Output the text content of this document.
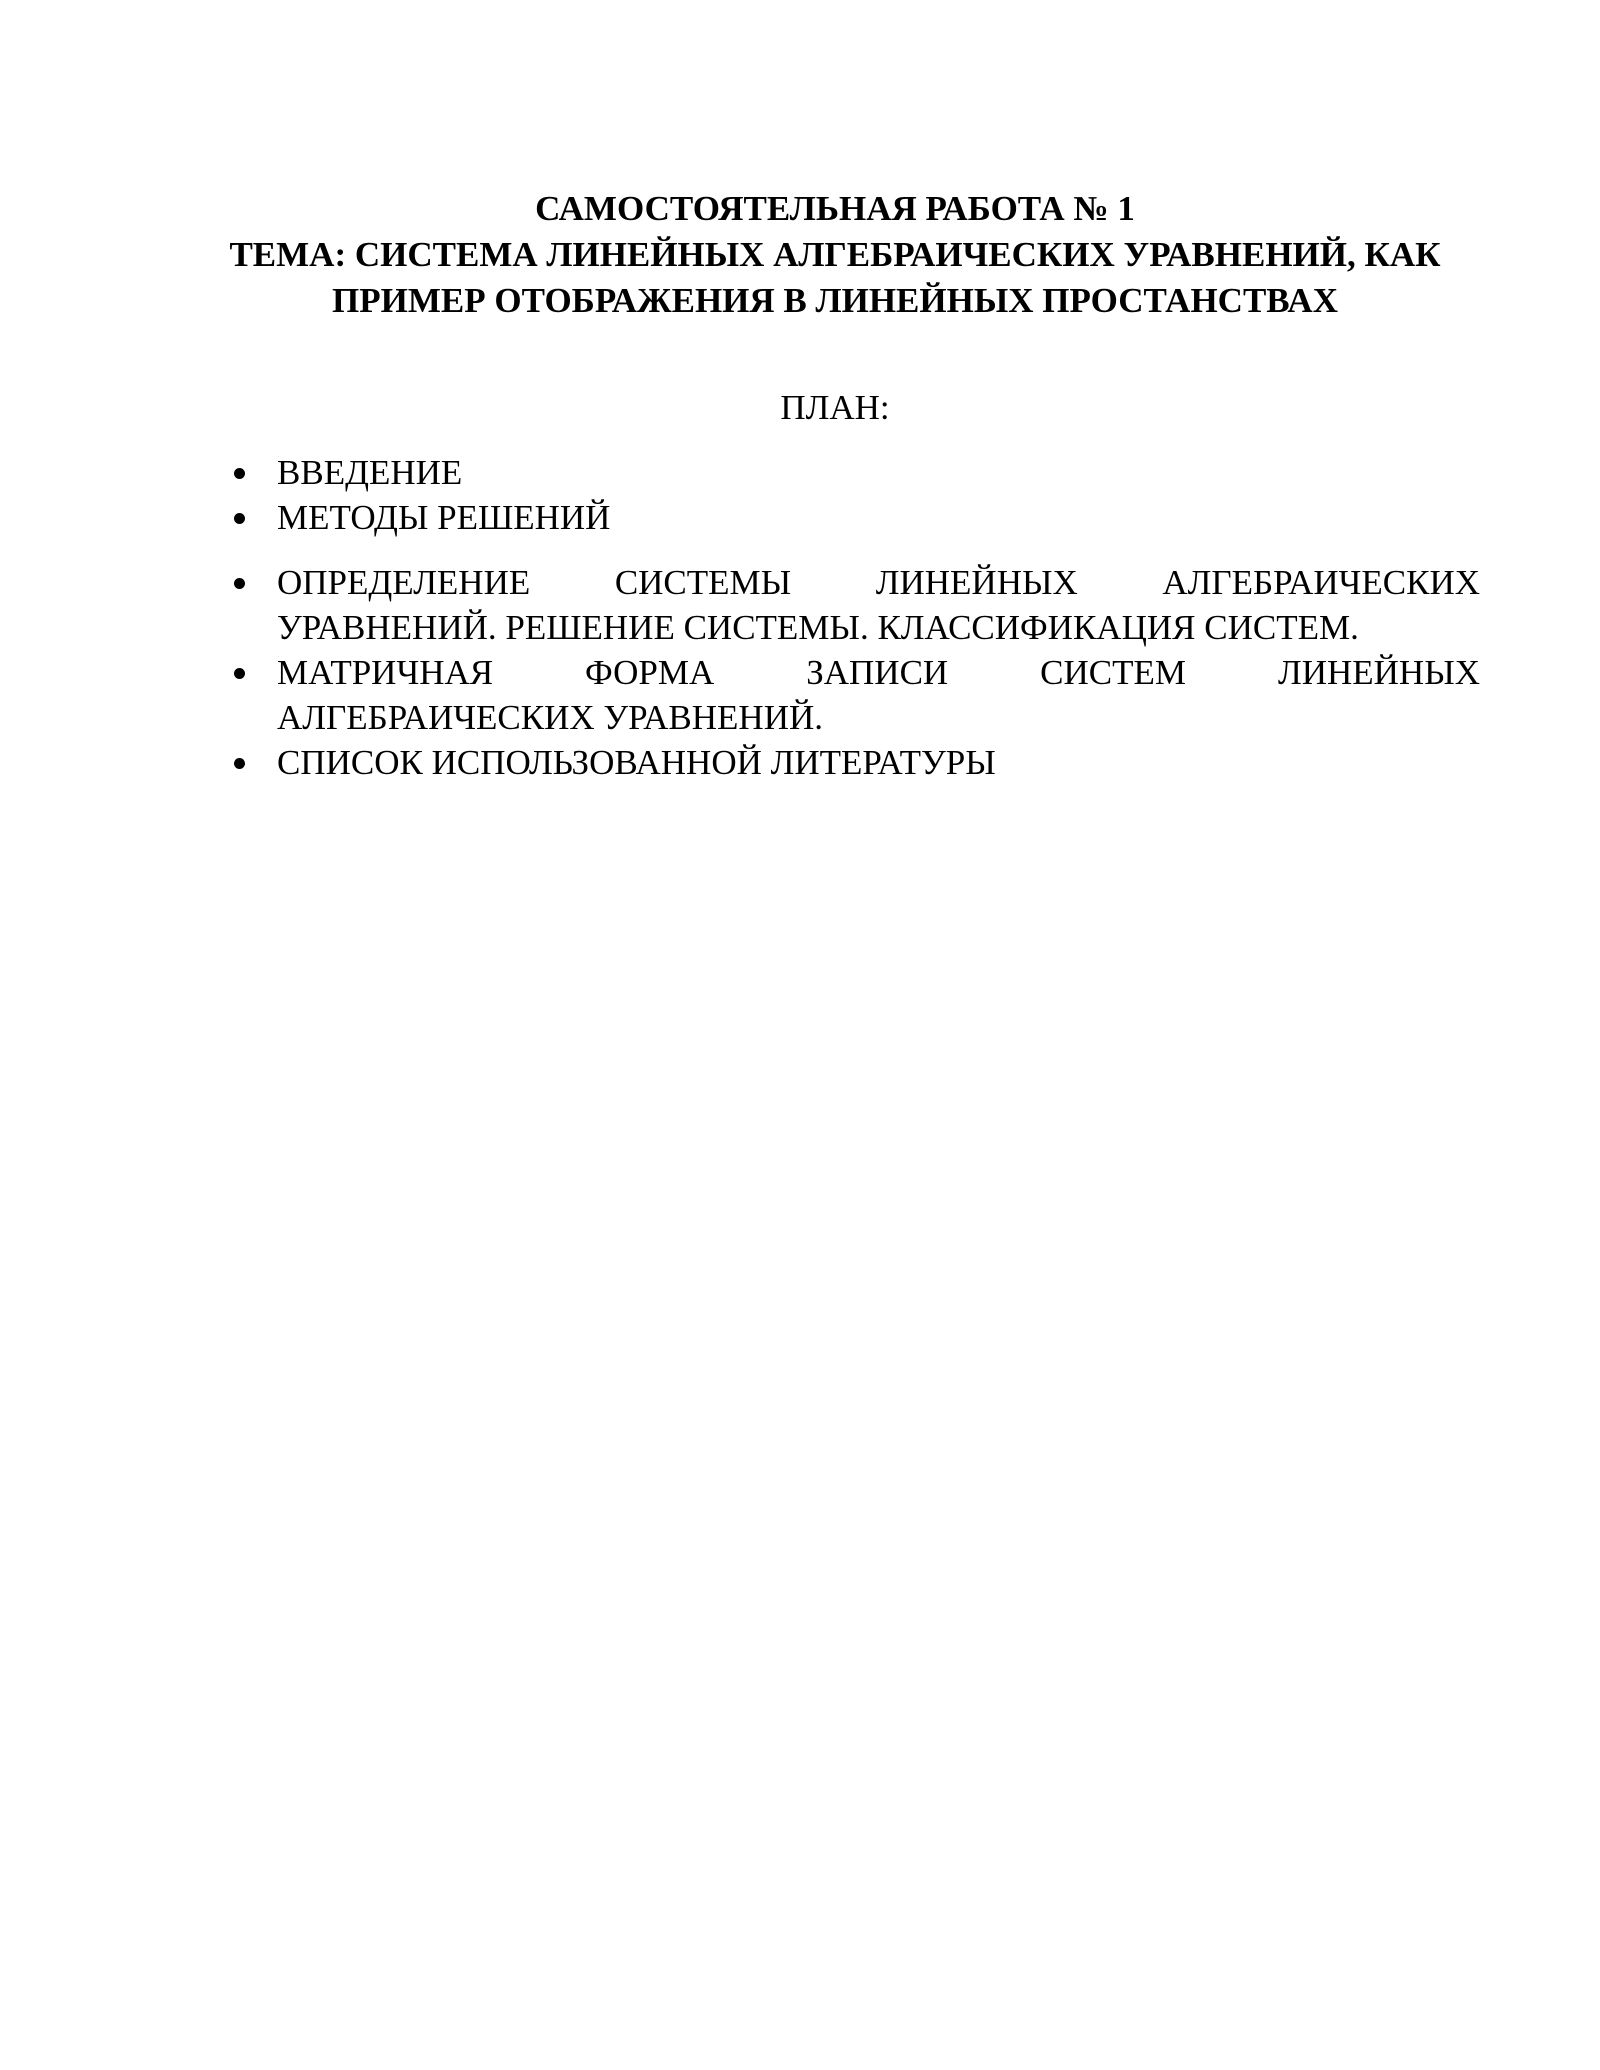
САМОСТОЯТЕЛЬНАЯ РАБОТА № 1
ТЕМА: СИСТЕМА ЛИНЕЙНЫХ АЛГЕБРАИЧЕСКИХ УРАВНЕНИЙ, КАК
ПРИМЕР ОТОБРАЖЕНИЯ В ЛИНЕЙНЫХ ПРОСТАНСТВАХ
ПЛАН:
ВВЕДЕНИЕ
МЕТОДЫ РЕШЕНИЙ
ОПРЕДЕЛЕНИЕ СИСТЕМЫ ЛИНЕЙНЫХ АЛГЕБРАИЧЕСКИХ
УРАВНЕНИЙ. РЕШЕНИЕ СИСТЕМЫ. КЛАССИФИКАЦИЯ СИСТЕМ.
МАТРИЧНАЯ ФОРМА ЗАПИСИ СИСТЕМ ЛИНЕЙНЫХ
АЛГЕБРАИЧЕСКИХ УРАВНЕНИЙ.
СПИСОК ИСПОЛЬЗОВАННОЙ ЛИТЕРАТУРЫ
